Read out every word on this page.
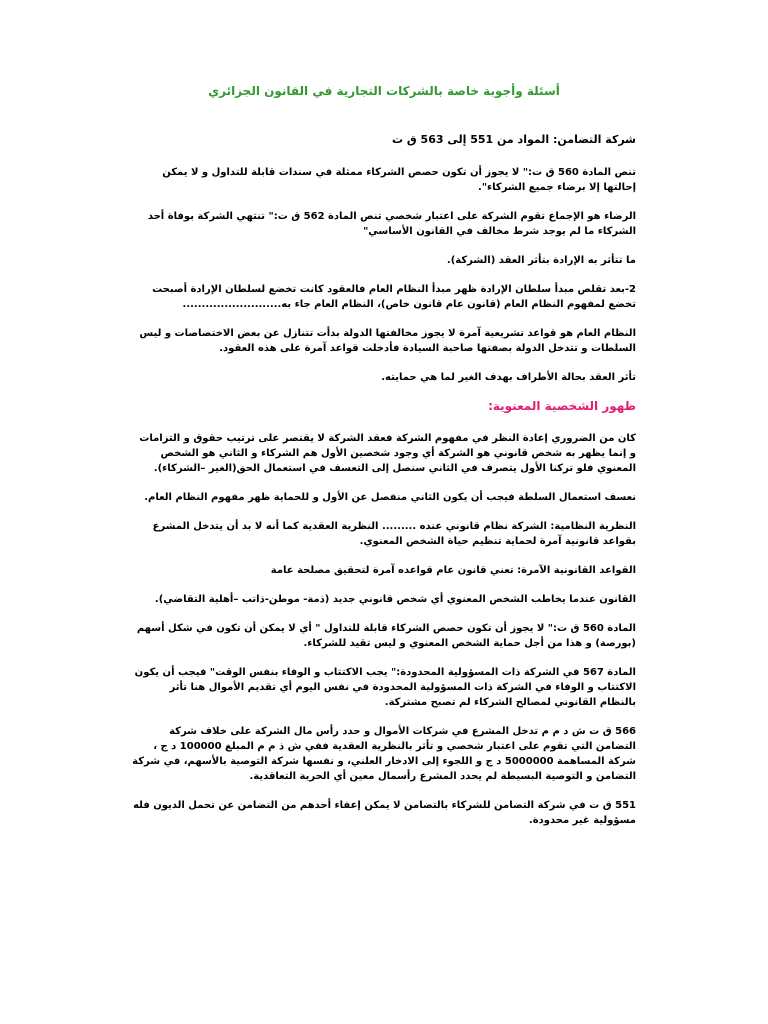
أسئلة وأجوبة خاصة بالشركات التجارية في القانون الجزائري

شركة التضامن: المواد من 551 إلى 563 ق ت

تنص المادة 560 ق ت:" لا يجوز أن تكون حصص الشركاء ممثلة في سندات قابلة للتداول و لا يمكن إحالتها إلا برضاء جميع الشركاء".

الرضاء هو الإجماع تقوم الشركة على اعتبار شخصي تنص المادة 562 ق ت:" تنتهي الشركة بوفاة أحد الشركاء ما لم يوجد شرط مخالف في القانون الأساسي"

ما تتأثر به الإرادة بتأثر العقد (الشركة).

2-بعد تقلص مبدأ سلطان الإرادة ظهر مبدأ النظام العام فالعقود كانت تخضع لسلطان الإرادة أصبحت تخضع لمفهوم النظام العام (قانون عام قانون خاص)، النظام العام جاء به..........................

النظام العام هو قواعد تشريعية آمرة لا يجوز مخالفتها الدولة بدأت تتنازل عن بعض الاختصاصات و ليس السلطات و تتدخل الدولة بصفتها صاحبة السيادة فأدخلت قواعد آمرة على هذه العقود.

تأثر العقد بحالة الأطراف بهدف الغير لما هي حمايته.

ظهور الشخصية المعنوية:

كان من الضروري إعادة النظر في مفهوم الشركة فعقد الشركة لا يقتصر على ترتيب حقوق و التزامات و إنما يظهر به شخص قانوني هو الشركة أي وجود شخصين الأول هم الشركاء و الثاني هو الشخص المعنوي فلو تركنا الأول يتصرف في الثاني سنصل إلى التعسف في استعمال الحق(الغير –الشركاء).

نعسف استعمال السلطة فيجب أن يكون الثاني منفصل عن الأول و للحماية ظهر مفهوم النظام العام.

النظرية النظامية: الشركة نظام قانوني عنده ......... النظرية العقدية كما أنه لا بد أن يتدخل المشرع بقواعد قانونية آمرة لحماية تنظيم حياة الشخص المعنوي.

القواعد القانونية الآمرة: تعني قانون عام قواعده آمرة لتحقيق مصلحة عامة

القانون عندما يخاطب الشخص المعنوي أي شخص قانوني جديد (ذمة- موطن-ذاتب –أهلية التقاضي).

المادة 560 ق ت:" لا يجوز أن تكون حصص الشركاء قابلة للتداول " أي لا يمكن أن تكون في شكل أسهم (بورصة) و هذا من أجل حماية الشخص المعنوي و ليس تقيد للشركاء.

المادة 567 في الشركة ذات المسؤولية المحدودة:" يجب الاكتتاب و الوفاء بنفس الوقت" فيجب أن يكون الاكتتاب و الوفاء في الشركة ذات المسؤولية المحدودة في نفس اليوم أي تقديم الأموال هنا تأثر بالنظام القانوني لمصالح الشركاء لم تصبح مشتركة.

566 ق ت ش د م م تدخل المشرع في شركات الأموال و حدد رأس مال الشركة على خلاف شركة التضامن التي تقوم على اعتبار شخصي و تأثر بالنظرية العقدية ففي ش ذ م م المبلغ 100000 د ج ، شركة المساهمة 5000000 د ج و اللجوء إلى الادخار العلني، و نفسها شركة التوصية بالأسهم، في شركة التضامن و التوصية البسيطة لم يحدد المشرع رأسمال معين أي الحرية التعاقدية.

551 ق ت في شركة التضامن للشركاء بالتضامن لا يمكن إعفاء أحدهم من التضامن عن تحمل الديون فله مسؤولية غير محدودة.
